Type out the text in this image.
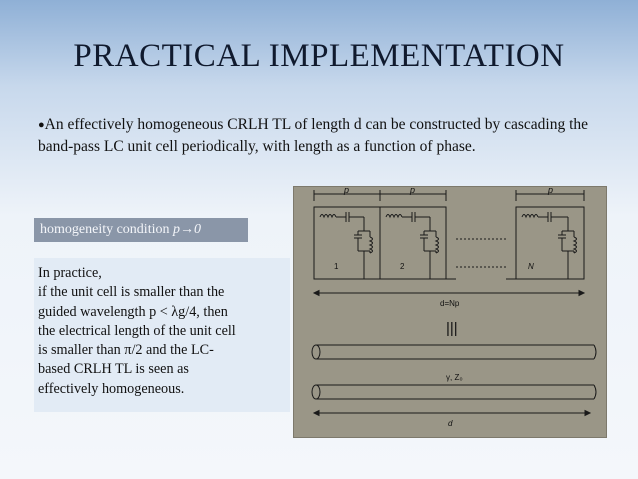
PRACTICAL IMPLEMENTATION
●An effectively homogeneous CRLH TL of length d can be constructed by cascading the band-pass LC unit cell periodically, with length as a function of phase.
homogeneity condition p→0
In practice,
if the unit cell is smaller than the
guided wavelength p < λg/4, then
the electrical length of the unit cell
is smaller than π/2 and the LC-
based CRLH TL is seen as
effectively homogeneous.
p	p	p
1	2	N
d=Np
|||
γ, Z₀
d
